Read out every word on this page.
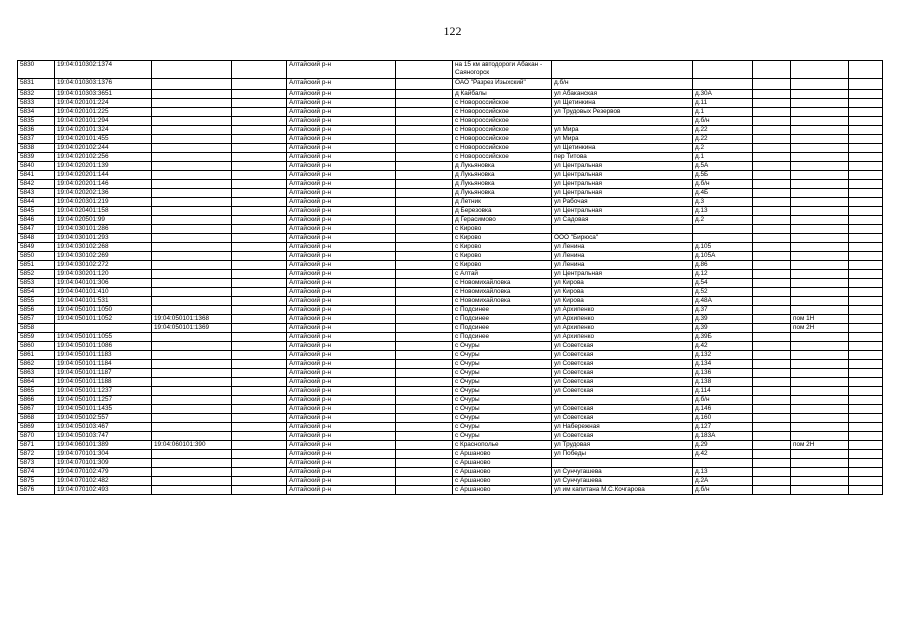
122
5830	19:04:010302:1374			Алтайский р-н		на 15 км автодороги Абакан - Саяногорск					
5831	19:04:010303:1376			Алтайский р-н		ОАО "Разрез Изыхский"	д.б/н				
5832	19:04:010303:3651			Алтайский р-н		д Кайбалы	ул Абаканская	д.30А			
5833	19:04:020101:224			Алтайский р-н		с Новороссийское	ул Щетинкина	д.11			
5834	19:04:020101:225			Алтайский р-н		с Новороссийское	ул Трудовых Резервов	д.1			
5835	19:04:020101:294			Алтайский р-н		с Новороссийское		д.б/н			
5836	19:04:020101:324			Алтайский р-н		с Новороссийское	ул Мира	д.22			
5837	19:04:020101:455			Алтайский р-н		с Новороссийское	ул Мира	д.22			
5838	19:04:020102:244			Алтайский р-н		с Новороссийское	ул Щетинкина	д.2			
5839	19:04:020102:256			Алтайский р-н		с Новороссийское	пер Титова	д.1			
5840	19:04:020201:139			Алтайский р-н		д Лукьяновка	ул Центральная	д.5А			
5841	19:04:020201:144			Алтайский р-н		д Лукьяновка	ул Центральная	д.5Б			
5842	19:04:020201:146			Алтайский р-н		д Лукьяновка	ул Центральная	д.б/н			
5843	19:04:020202:136			Алтайский р-н		д Лукьяновка	ул Центральная	д.4Б			
5844	19:04:020301:219			Алтайский р-н		д Летник	ул Рабочая	д.3			
5845	19:04:020401:158			Алтайский р-н		д Березовка	ул Центральная	д.13			
5846	19:04:020501:99			Алтайский р-н		д Герасимово	ул Садовая	д.2			
5847	19:04:030101:286			Алтайский р-н		с Кирово					
5848	19:04:030101:293			Алтайский р-н		с Кирово	ООО "Бирюса"				
5849	19:04:030102:268			Алтайский р-н		с Кирово	ул Ленина	д.105			
5850	19:04:030102:269			Алтайский р-н		с Кирово	ул Ленина	д.105А			
5851	19:04:030102:272			Алтайский р-н		с Кирово	ул Ленина	д.86			
5852	19:04:030201:120			Алтайский р-н		с Алтай	ул Центральная	д.12			
5853	19:04:040101:306			Алтайский р-н		с Новомихайловка	ул Кирова	д.54			
5854	19:04:040101:410			Алтайский р-н		с Новомихайловка	ул Кирова	д.52			
5855	19:04:040101:531			Алтайский р-н		с Новомихайловка	ул Кирова	д.48А			
5856	19:04:050101:1050			Алтайский р-н		с Подсинее	ул Архипенко	д.37			
5857	19:04:050101:1052	19:04:050101:1368		Алтайский р-н		с Подсинее	ул Архипенко	д.39		пом 1Н	
5858		19:04:050101:1369		Алтайский р-н		с Подсинее	ул Архипенко	д.39		пом 2Н	
5859	19:04:050101:1055			Алтайский р-н		с Подсинее	ул Архипенко	д.39Б			
5860	19:04:050101:1086			Алтайский р-н		с Очуры	ул Советская	д.42			
5861	19:04:050101:1183			Алтайский р-н		с Очуры	ул Советская	д.132			
5862	19:04:050101:1184			Алтайский р-н		с Очуры	ул Советская	д.134			
5863	19:04:050101:1187			Алтайский р-н		с Очуры	ул Советская	д.136			
5864	19:04:050101:1188			Алтайский р-н		с Очуры	ул Советская	д.138			
5865	19:04:050101:1237			Алтайский р-н		с Очуры	ул Советская	д.114			
5866	19:04:050101:1257			Алтайский р-н		с Очуры		д.б/н			
5867	19:04:050101:1435			Алтайский р-н		с Очуры	ул Советская	д.146			
5868	19:04:050102:557			Алтайский р-н		с Очуры	ул Советская	д.160			
5869	19:04:050103:467			Алтайский р-н		с Очуры	ул Набережная	д.127			
5870	19:04:050103:747			Алтайский р-н		с Очуры	ул Советская	д.183А			
5871	19:04:060101:389	19:04:060101:390		Алтайский р-н		с Краснополье	ул Трудовая	д.29		пом 2Н	
5872	19:04:070101:304			Алтайский р-н		с Аршаново	ул Победы	д.42			
5873	19:04:070101:309			Алтайский р-н		с Аршаново					
5874	19:04:070102:479			Алтайский р-н		с Аршаново	ул Сунчугашева	д.13			
5875	19:04:070102:482			Алтайский р-н		с Аршаново	ул Сунчугашева	д.2А			
5876	19:04:070102:493			Алтайский р-н		с Аршаново	ул им капитана М.С.Кочгарова	д.б/н			
